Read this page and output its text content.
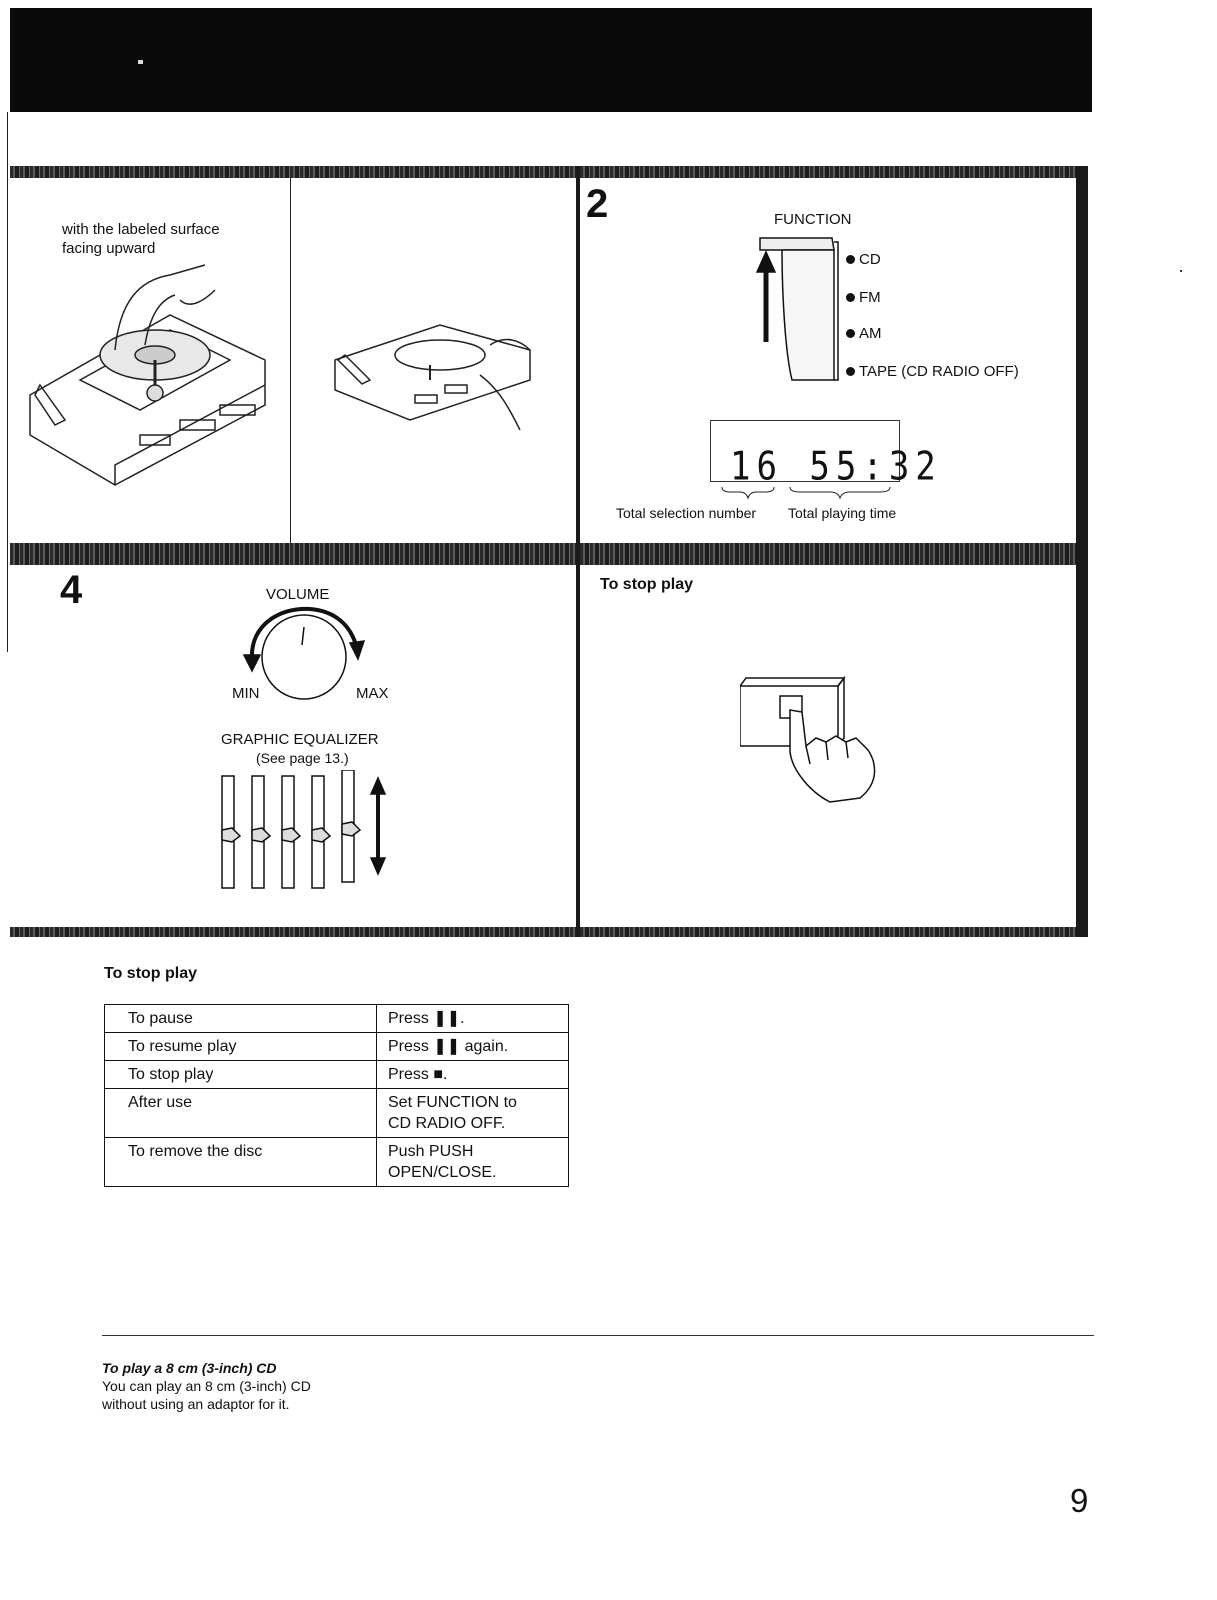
with the labeled surface
facing upward
2	FUNCTION
CD
FM
AM
TAPE (CD RADIO OFF)
16 55:32
Total selection number Total playing time
4	VOLUME
MIN	MAX
GRAPHIC EQUALIZER
(See page 13.)
To stop play
To stop play
To pause	Press ❚❚.
To resume play	Press ❚❚ again.
To stop play	Press ■.
After use	Set FUNCTION to
CD RADIO OFF.

To remove the disc	Push PUSH
OPEN/CLOSE.
To play a 8 cm (3-inch) CD
You can play an 8 cm (3-inch) CD
without using an adaptor for it.
9
